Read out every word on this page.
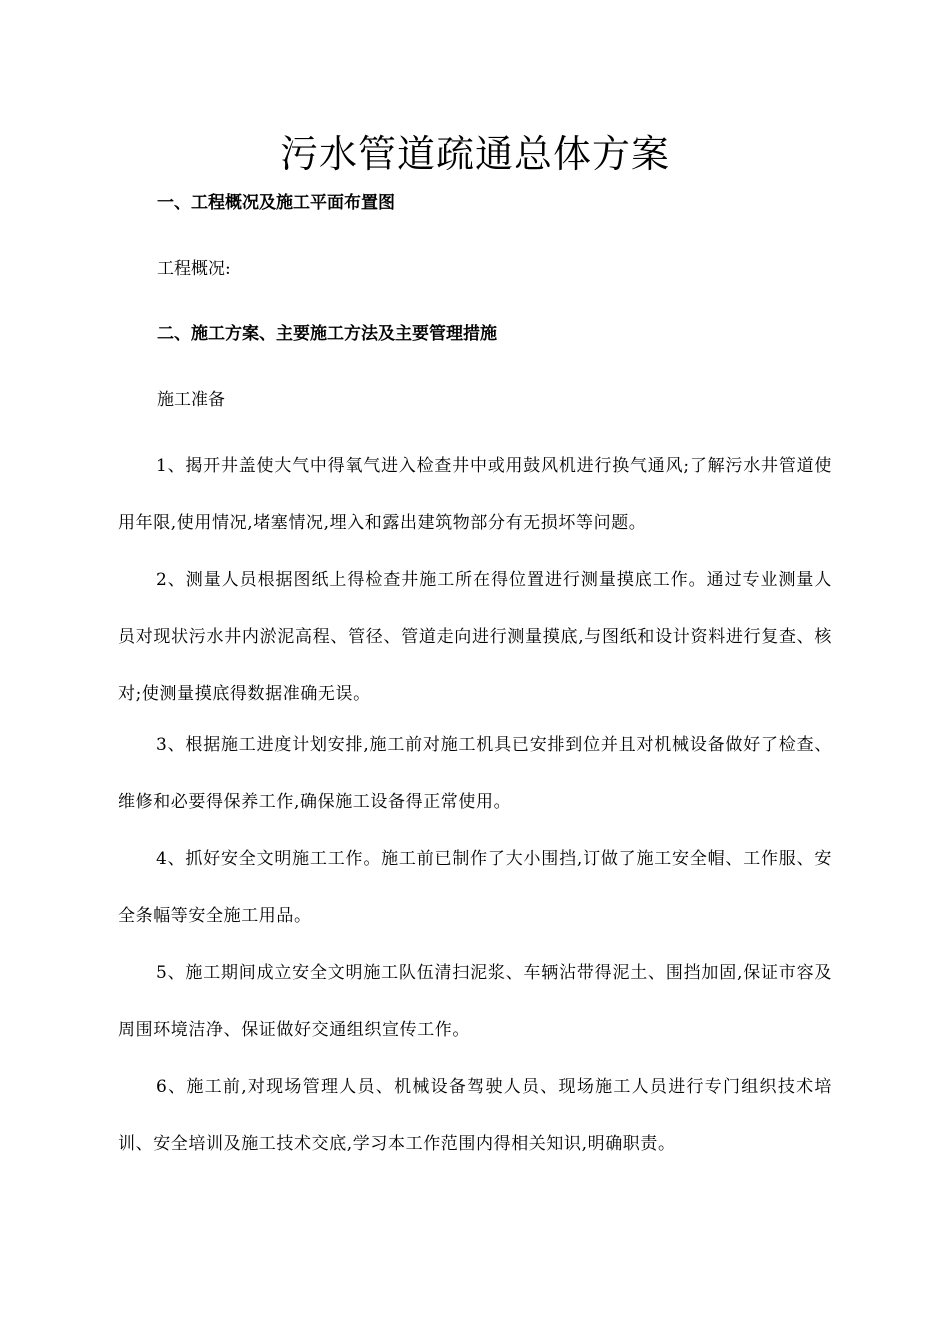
污水管道疏通总体方案
一、工程概况及施工平面布置图
工程概况:
二、施工方案、主要施工方法及主要管理措施
施工准备

1、揭开井盖使大气中得氧气进入检查井中或用鼓风机进行换气通风;了解污水井管道使用年限,使用情况,堵塞情况,埋入和露出建筑物部分有无损坏等问题。

2、测量人员根据图纸上得检查井施工所在得位置进行测量摸底工作。通过专业测量人员对现状污水井内淤泥高程、管径、管道走向进行测量摸底,与图纸和设计资料进行复查、核对;使测量摸底得数据准确无误。

3、根据施工进度计划安排,施工前对施工机具已安排到位并且对机械设备做好了检查、维修和必要得保养工作,确保施工设备得正常使用。

4、抓好安全文明施工工作。施工前已制作了大小围挡,订做了施工安全帽、工作服、安全条幅等安全施工用品。

5、施工期间成立安全文明施工队伍清扫泥浆、车辆沾带得泥土、围挡加固,保证市容及周围环境洁净、保证做好交通组织宣传工作。

6、施工前,对现场管理人员、机械设备驾驶人员、现场施工人员进行专门组织技术培训、安全培训及施工技术交底,学习本工作范围内得相关知识,明确职责。
